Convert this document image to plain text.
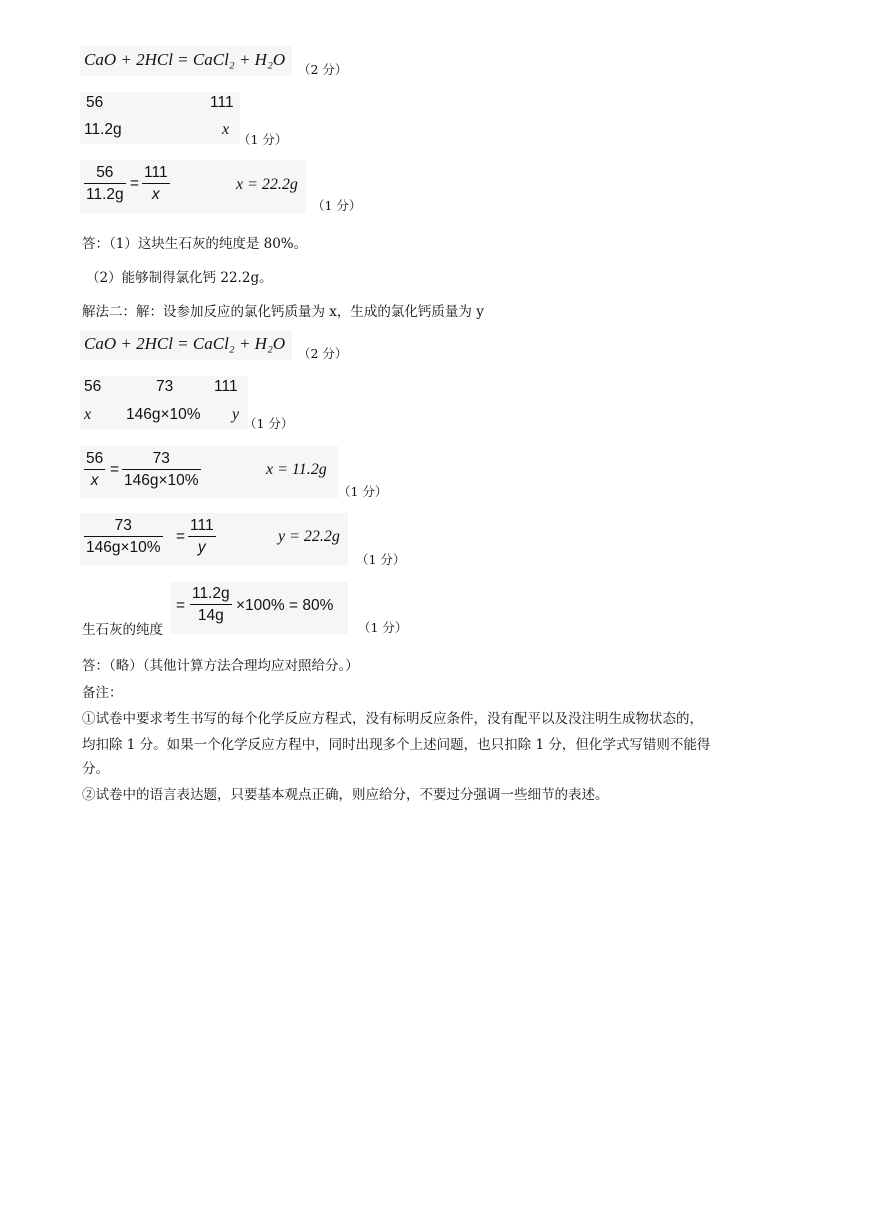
CaO + 2HCl = CaCl₂ + H₂O
（2 分）
56	111
11.2g	x
（1 分）
56
11.2g
=
111
x
x = 22.2g
（1 分）
答：（1）这块生石灰的纯度是 80%。
（2）能够制得氯化钙 22.2g。
解法二：解：设参加反应的氯化钙质量为 x，生成的氯化钙质量为 y
CaO + 2HCl = CaCl₂ + H₂O
（2 分）
56	73	111
x 146g×10% y
（1 分）
56
x
=
73
146g×10%
x = 11.2g
（1 分）
73
146g×10%
=
111
y
y = 22.2g
（1 分）
生石灰的纯度
=
11.2g
14g
×100% = 80%
（1 分）
答：（略）（其他计算方法合理均应对照给分。）
备注：
①试卷中要求考生书写的每个化学反应方程式，没有标明反应条件，没有配平以及没注明生成物状态的，
均扣除 1 分。如果一个化学反应方程中，同时出现多个上述问题，也只扣除 1 分，但化学式写错则不能得
分。
②试卷中的语言表达题，只要基本观点正确，则应给分，不要过分强调一些细节的表述。
